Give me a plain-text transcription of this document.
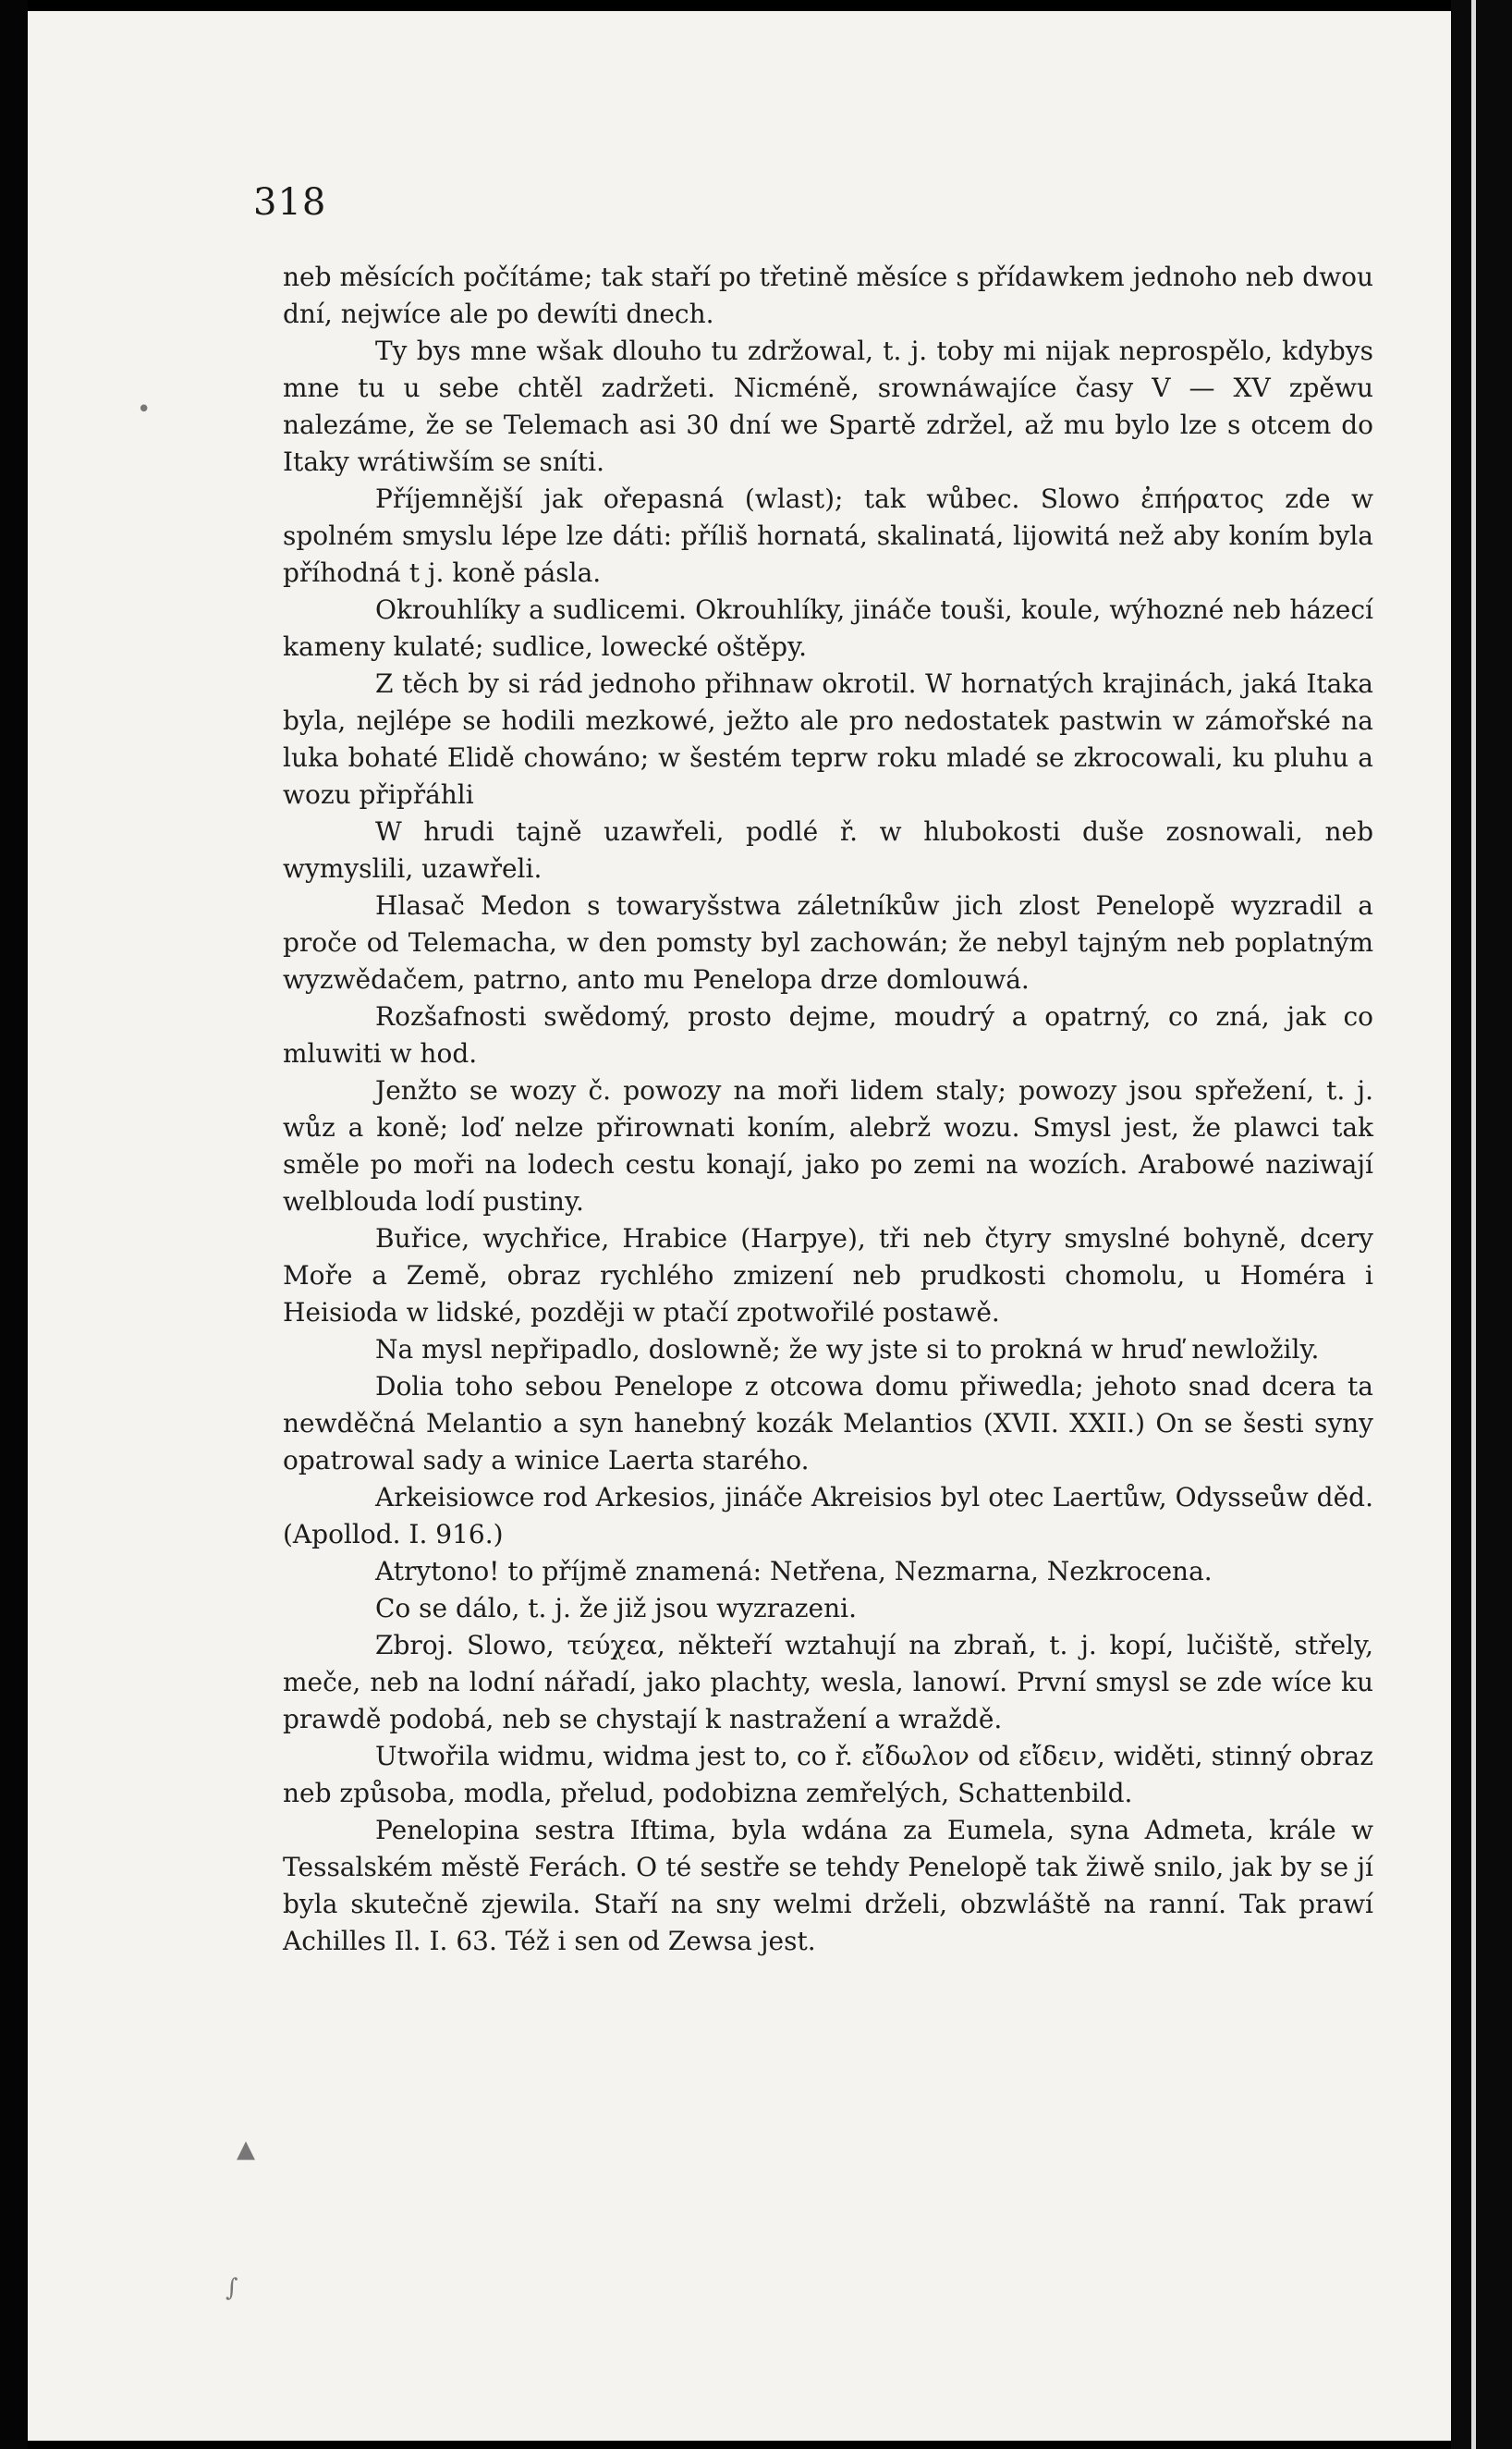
318

neb měsících počítáme; tak staří po třetině měsíce s přídawkem jednoho neb dwou dní, nejwíce ale po dewíti dnech.

Ty bys mne wšak dlouho tu zdržowal, t. j. toby mi nijak neprospělo, kdybys mne tu u sebe chtěl zadržeti. Nicméně, srownáwajíce časy V — XV zpěwu nalezáme, že se Telemach asi 30 dní we Spartě zdržel, až mu bylo lze s otcem do Itaky wrátiwším se sníti.

Příjemnější jak ořepasná (wlast); tak wůbec. Slowo ἐπήρατος zde w spolném smyslu lépe lze dáti: příliš hornatá, skalinatá, lijowitá než aby koním byla příhodná t j. koně pásla.

Okrouhlíky a sudlicemi. Okrouhlíky, jináče touši, koule, wýhozné neb házecí kameny kulaté; sudlice, lowecké oštěpy.

Z těch by si rád jednoho přihnaw okrotil. W hornatých krajinách, jaká Itaka byla, nejlépe se hodili mezkowé, ježto ale pro nedostatek pastwin w zámořské na luka bohaté Elidě chowáno; w šestém teprw roku mladé se zkrocowali, ku pluhu a wozu připřáhli

W hrudi tajně uzawřeli, podlé ř. w hlubokosti duše zosnowali, neb wymyslili, uzawřeli.

Hlasač Medon s towaryšstwa záletníkůw jich zlost Penelopě wyzradil a proče od Telemacha, w den pomsty byl zachowán; že nebyl tajným neb poplatným wyzwědačem, patrno, anto mu Penelopa drze domlouwá.

Rozšafnosti swědomý, prosto dejme, moudrý a opatrný, co zná, jak co mluwiti w hod.

Jenžto se wozy č. powozy na moři lidem staly; powozy jsou spřežení, t. j. wůz a koně; loď nelze přirownati koním, alebrž wozu. Smysl jest, že plawci tak směle po moři na lodech cestu konají, jako po zemi na wozích. Arabowé naziwají welblouda lodí pustiny.

Buřice, wychřice, Hrabice (Harpye), tři neb čtyry smyslné bohyně, dcery Moře a Země, obraz rychlého zmizení neb prudkosti chomolu, u Homéra i Heisioda w lidské, později w ptačí zpotwořilé postawě.

Na mysl nepřipadlo, doslowně; že wy jste si to prokná w hruď newložily.

Dolia toho sebou Penelope z otcowa domu přiwedla; jehoto snad dcera ta newděčná Melantio a syn hanebný kozák Melantios (XVII. XXII.) On se šesti syny opatrowal sady a winice Laerta starého.

Arkeisiowce rod Arkesios, jináče Akreisios byl otec Laertůw, Odysseůw děd. (Apollod. I. 916.)

Atrytono! to příjmě znamená: Netřena, Nezmarna, Nezkrocena.

Co se dálo, t. j. že již jsou wyzrazeni.

Zbroj. Slowo, τεύχεα, někteří wztahují na zbraň, t. j. kopí, lučiště, střely, meče, neb na lodní nářadí, jako plachty, wesla, lanowí. První smysl se zde wíce ku prawdě podobá, neb se chystají k nastražení a wraždě.

Utwořila widmu, widma jest to, co ř. εἴδωλον od εἴδειν, widěti, stinný obraz neb způsoba, modla, přelud, podobizna zemřelých, Schattenbild.

Penelopina sestra Iftima, byla wdána za Eumela, syna Admeta, krále w Tessalském městě Ferách. O té sestře se tehdy Penelopě tak žiwě snilo, jak by se jí byla skutečně zjewila. Staří na sny welmi drželi, obzwláště na ranní. Tak prawí Achilles Il. I. 63. Též i sen od Zewsa jest.

•
▲
∫
